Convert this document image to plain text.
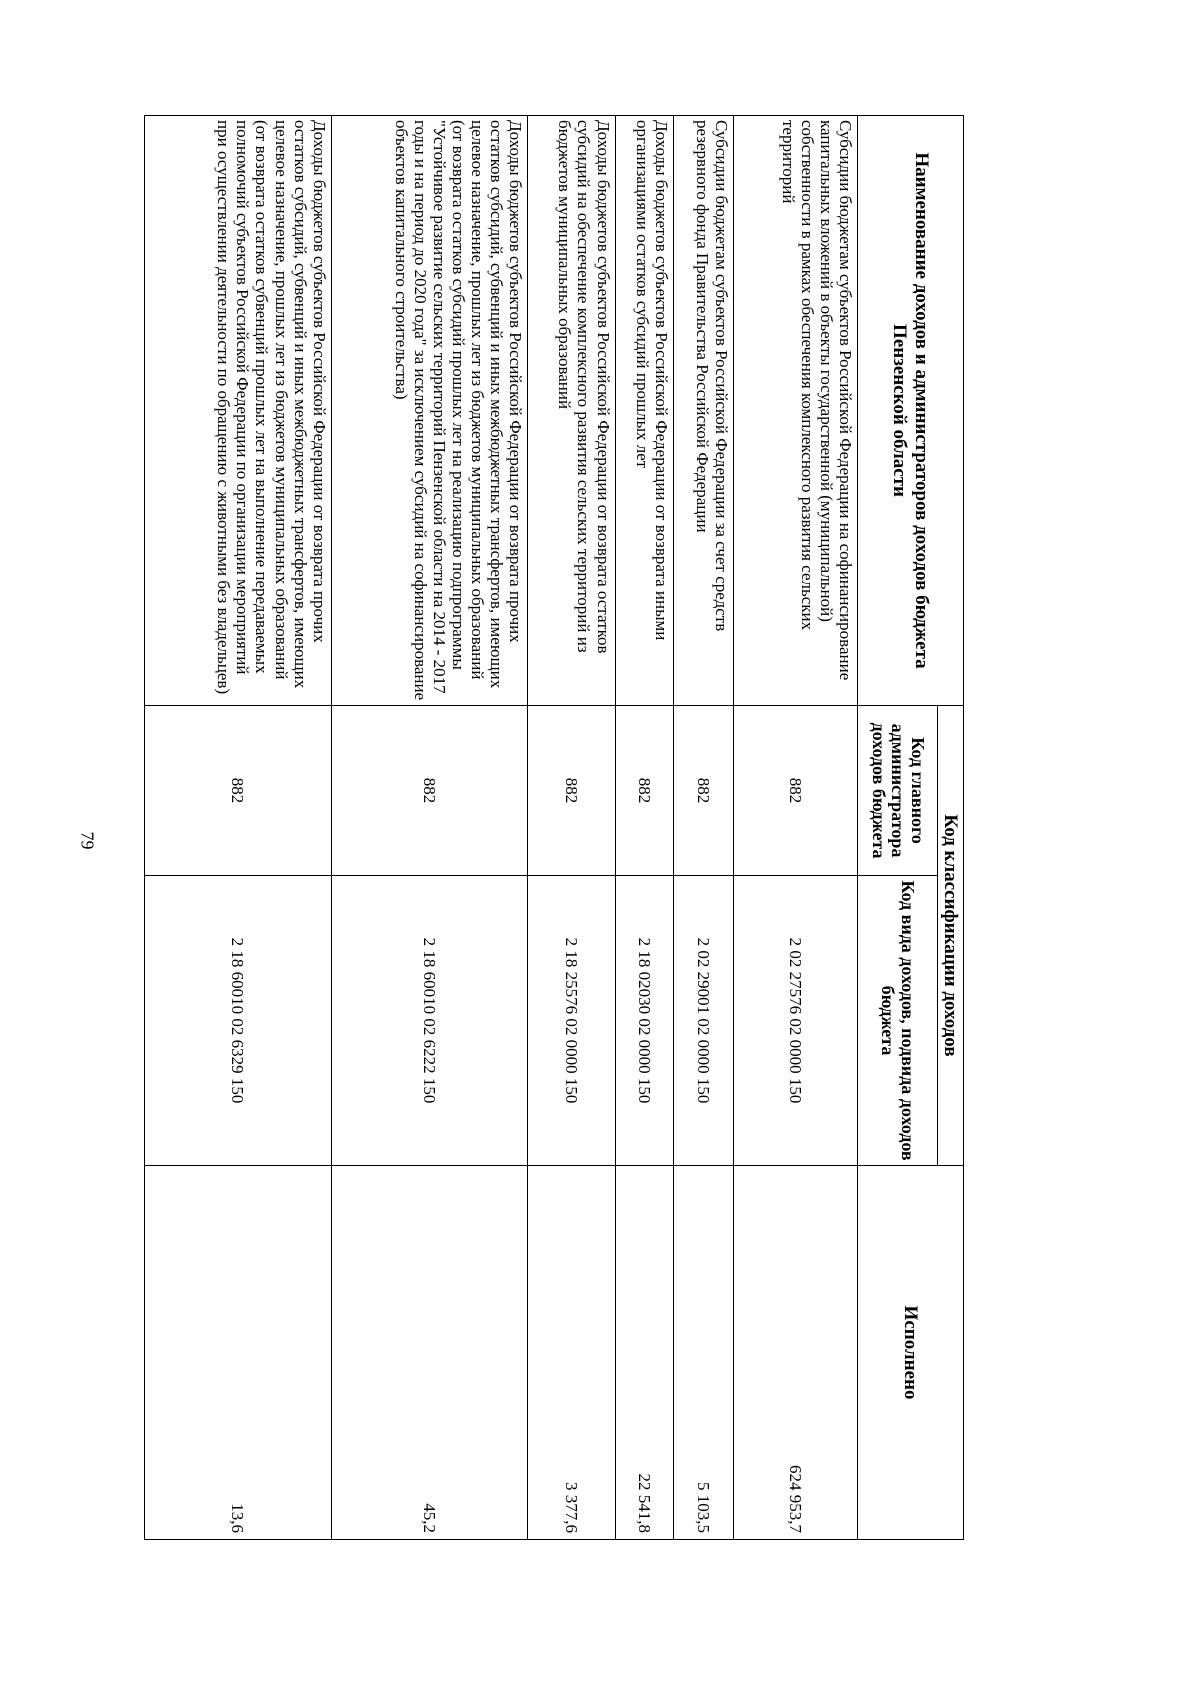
79
Наименование доходов и администраторов доходов бюджета Пензенской области	Код классификации доходов		Исполнено
	Код главного администратора доходов бюджета	Код вида доходов, подвида доходов бюджета	
Субсидии бюджетам субъектов Российской Федерации на софинансирование капитальных вложений в объекты государственной (муниципальной) собственности в рамках обеспечения комплексного развития сельских территорий	882	2 02 27576 02 0000 150	624 953,7
Субсидии бюджетам субъектов Российской Федерации за счет средств резервного фонда Правительства Российской Федерации	882	2 02 29001 02 0000 150	5 103,5
Доходы бюджетов субъектов Российской Федерации от возврата иными организациями остатков субсидий прошлых лет	882	2 18 02030 02 0000 150	22 541,8
Доходы бюджетов субъектов Российской Федерации от возврата остатков субсидий на обеспечение комплексного развития сельских территорий из бюджетов муниципальных образований	882	2 18 25576 02 0000 150	3 377,6
Доходы бюджетов субъектов Российской Федерации от возврата прочих остатков субсидий, субвенций и иных межбюджетных трансфертов, имеющих целевое назначение, прошлых лет из бюджетов муниципальных образований (от возврата остатков субсидий прошлых лет на реализацию подпрограммы "Устойчивое развитие сельских территорий Пензенской области на 2014 - 2017 годы и на период до 2020 года" за исключением субсидий на софинансирование объектов капитального строительства)	882	2 18 60010 02 6222 150	45,2
Доходы бюджетов субъектов Российской Федерации от возврата прочих остатков субсидий, субвенций и иных межбюджетных трансфертов, имеющих целевое назначение, прошлых лет из бюджетов муниципальных образований (от возврата остатков субвенций прошлых лет на выполнение передаваемых полномочий субъектов Российской Федерации по организации мероприятий при осуществлении деятельности по обращению с животными без владельцев)	882	2 18 60010 02 6329 150	13,6
